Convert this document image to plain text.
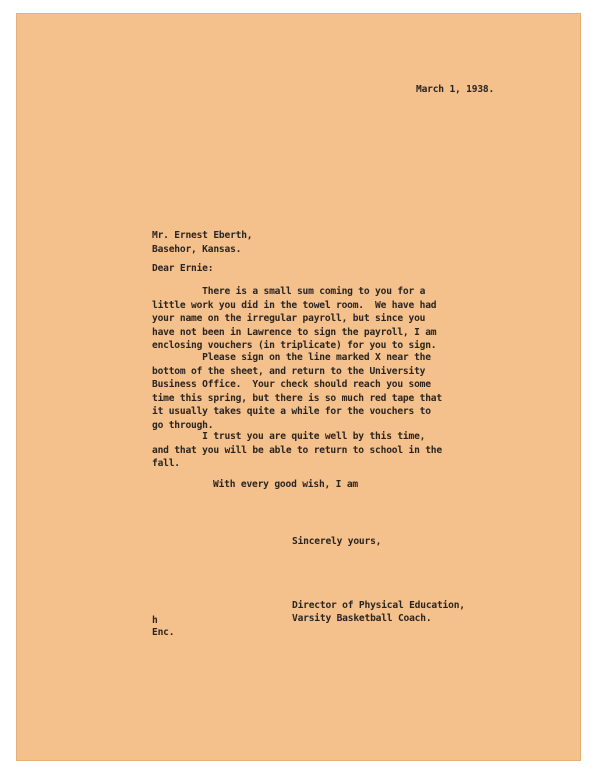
March 1, 1938.
Mr. Ernest Eberth,
Basehor, Kansas.
Dear Ernie:
There is a small sum coming to you for a
little work you did in the towel room.  We have had
your name on the irregular payroll, but since you
have not been in Lawrence to sign the payroll, I am
enclosing vouchers (in triplicate) for you to sign.
Please sign on the line marked X near the
bottom of the sheet, and return to the University
Business Office.  Your check should reach you some
time this spring, but there is so much red tape that
it usually takes quite a while for the vouchers to
go through.
I trust you are quite well by this time,
and that you will be able to return to school in the
fall.
With every good wish, I am
Sincerely yours,
Director of Physical Education,
Varsity Basketball Coach.
h
Enc.
